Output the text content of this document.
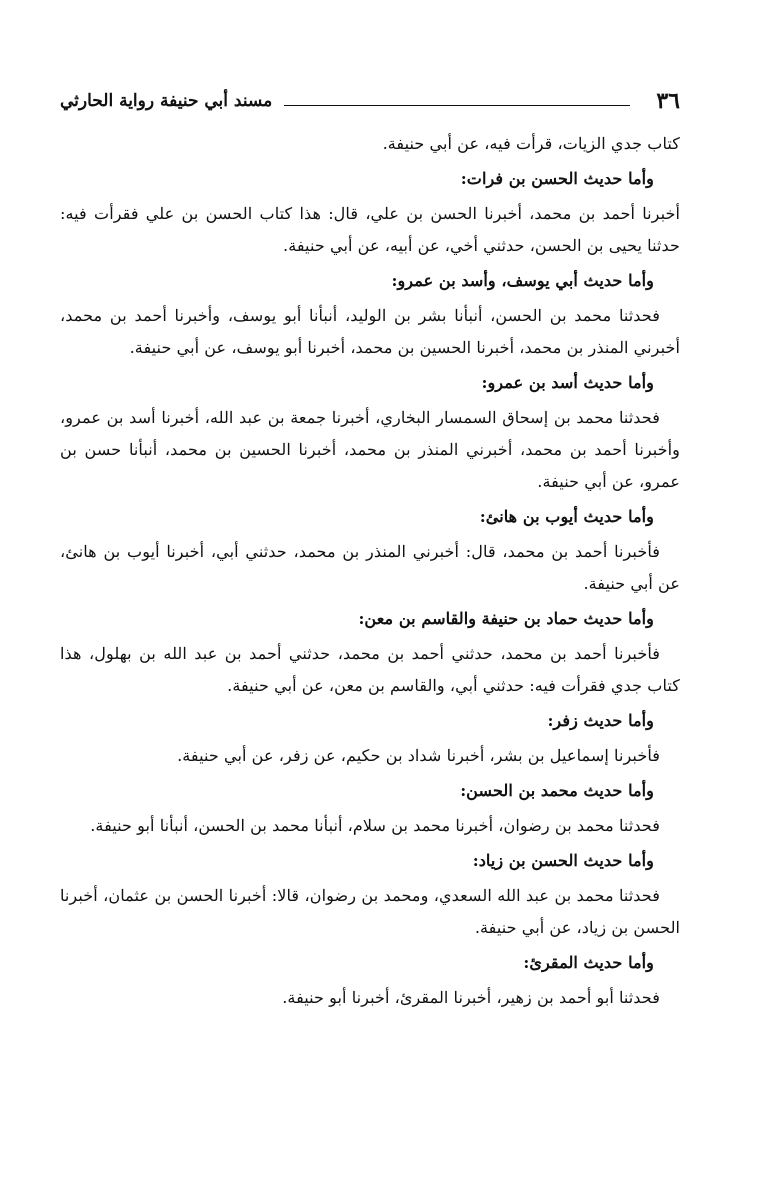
٣٦
مسند أبي حنيفة رواية الحارثي

كتاب جدي الزيات، قرأت فيه، عن أبي حنيفة.

وأما حديث الحسن بن فرات:

أخبرنا أحمد بن محمد، أخبرنا الحسن بن علي، قال: هذا كتاب الحسن بن علي فقرأت فيه: حدثنا يحيى بن الحسن، حدثني أخي، عن أبيه، عن أبي حنيفة.

وأما حديث أبي يوسف، وأسد بن عمرو:

فحدثنا محمد بن الحسن، أنبأنا بشر بن الوليد، أنبأنا أبو يوسف، وأخبرنا أحمد بن محمد، أخبرني المنذر بن محمد، أخبرنا الحسين بن محمد، أخبرنا أبو يوسف، عن أبي حنيفة.

وأما حديث أسد بن عمرو:

فحدثنا محمد بن إسحاق السمسار البخاري، أخبرنا جمعة بن عبد الله، أخبرنا أسد بن عمرو، وأخبرنا أحمد بن محمد، أخبرني المنذر بن محمد، أخبرنا الحسين بن محمد، أنبأنا حسن بن عمرو، عن أبي حنيفة.

وأما حديث أيوب بن هانئ:

فأخبرنا أحمد بن محمد، قال: أخبرني المنذر بن محمد، حدثني أبي، أخبرنا أيوب بن هانئ، عن أبي حنيفة.

وأما حديث حماد بن حنيفة والقاسم بن معن:

فأخبرنا أحمد بن محمد، حدثني أحمد بن محمد، حدثني أحمد بن عبد الله بن بهلول، هذا كتاب جدي فقرأت فيه: حدثني أبي، والقاسم بن معن، عن أبي حنيفة.

وأما حديث زفر:

فأخبرنا إسماعيل بن بشر، أخبرنا شداد بن حكيم، عن زفر، عن أبي حنيفة.

وأما حديث محمد بن الحسن:

فحدثنا محمد بن رضوان، أخبرنا محمد بن سلام، أنبأنا محمد بن الحسن، أنبأنا أبو حنيفة.

وأما حديث الحسن بن زياد:

فحدثنا محمد بن عبد الله السعدي، ومحمد بن رضوان، قالا: أخبرنا الحسن بن عثمان، أخبرنا الحسن بن زياد، عن أبي حنيفة.

وأما حديث المقرئ:

فحدثنا أبو أحمد بن زهير، أخبرنا المقرئ، أخبرنا أبو حنيفة.
